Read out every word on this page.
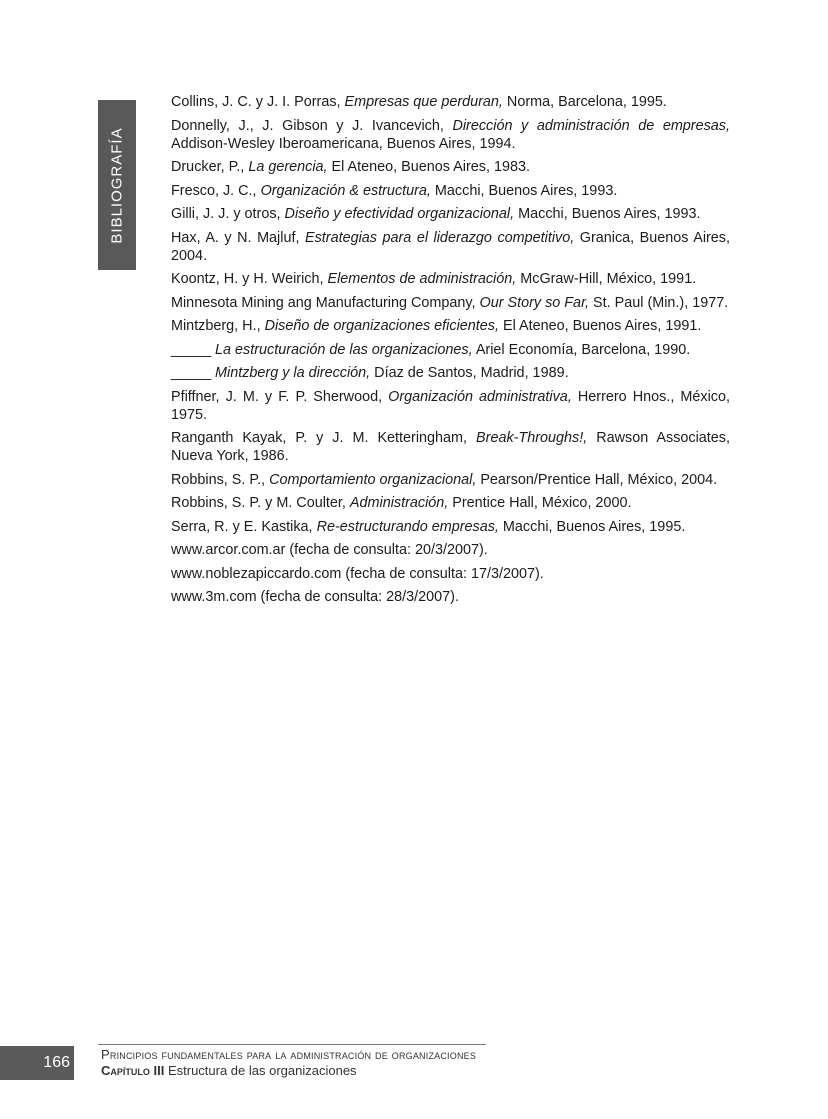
BIBLIOGRAFÍA

Collins, J. C. y J. I. Porras, Empresas que perduran, Norma, Barcelona, 1995.

Donnelly, J., J. Gibson y J. Ivancevich, Dirección y administración de empresas, Addison-Wesley Iberoamericana, Buenos Aires, 1994.

Drucker, P., La gerencia, El Ateneo, Buenos Aires, 1983.

Fresco, J. C., Organización & estructura, Macchi, Buenos Aires, 1993.

Gilli, J. J. y otros, Diseño y efectividad organizacional, Macchi, Buenos Aires, 1993.

Hax, A. y N. Majluf, Estrategias para el liderazgo competitivo, Granica, Buenos Aires, 2004.

Koontz, H. y H. Weirich, Elementos de administración, McGraw-Hill, México, 1991.

Minnesota Mining ang Manufacturing Company, Our Story so Far, St. Paul (Min.), 1977.

Mintzberg, H., Diseño de organizaciones eficientes, El Ateneo, Buenos Aires, 1991.

_____ La estructuración de las organizaciones, Ariel Economía, Barcelona, 1990.

_____ Mintzberg y la dirección, Díaz de Santos, Madrid, 1989.

Pfiffner, J. M. y F. P. Sherwood, Organización administrativa, Herrero Hnos., México, 1975.

Ranganth Kayak, P. y J. M. Ketteringham, Break-Throughs!, Rawson Associates, Nueva York, 1986.

Robbins, S. P., Comportamiento organizacional, Pearson/Prentice Hall, México, 2004.

Robbins, S. P. y M. Coulter, Administración, Prentice Hall, México, 2000.

Serra, R. y E. Kastika, Re-estructurando empresas, Macchi, Buenos Aires, 1995.

www.arcor.com.ar (fecha de consulta: 20/3/2007).

www.noblezapiccardo.com (fecha de consulta: 17/3/2007).

www.3m.com (fecha de consulta: 28/3/2007).

166 Principios fundamentales para la administración de organizaciones
Capítulo III Estructura de las organizaciones
